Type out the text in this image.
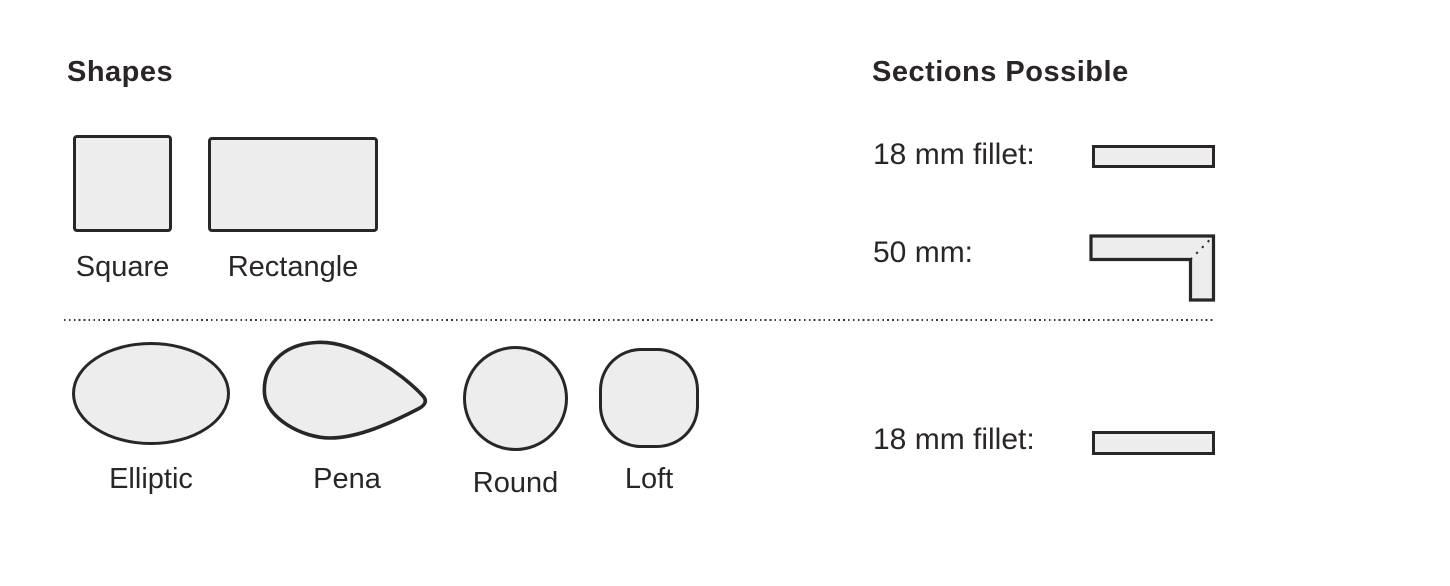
Shapes
Square	Rectangle
Elliptic	Pena	Round	Loft
Sections Possible
18 mm fillet:
50 mm:
18 mm fillet:
